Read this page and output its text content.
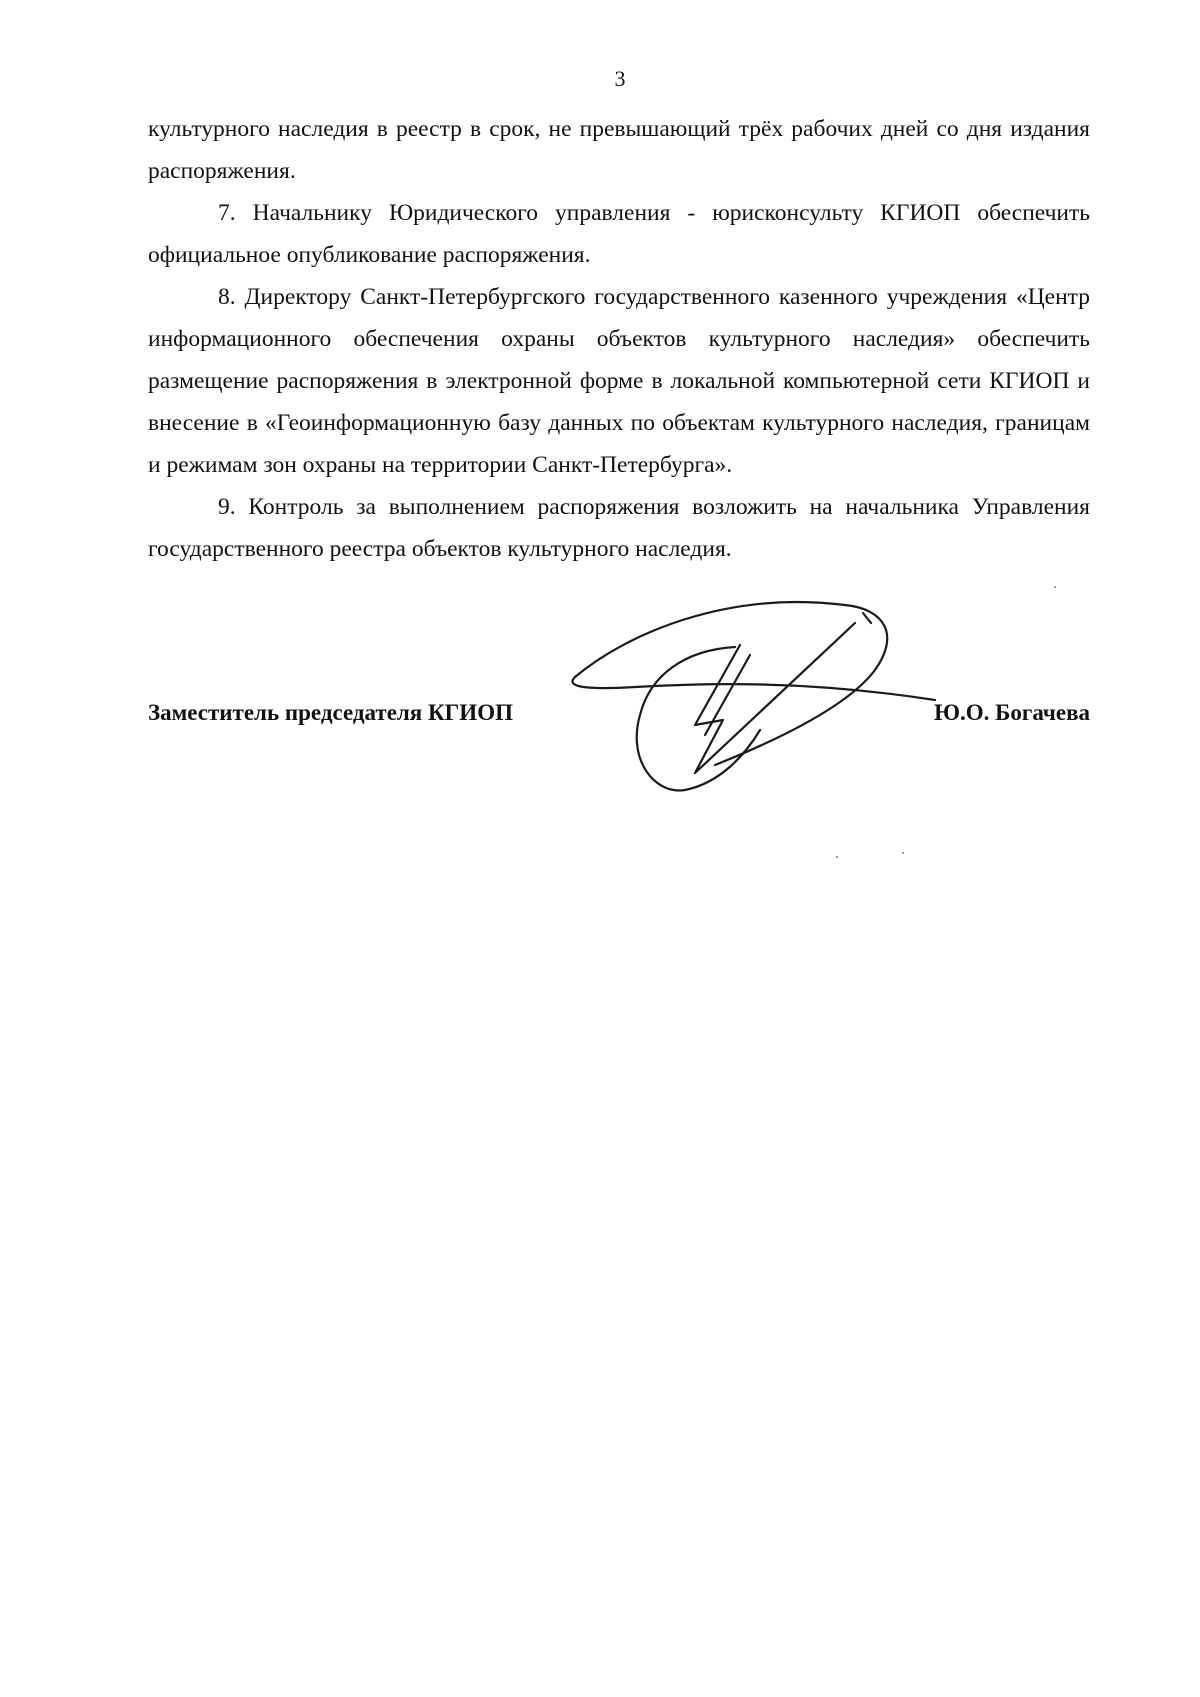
3

культурного наследия в реестр в срок, не превышающий трёх рабочих дней со дня издания распоряжения.

7. Начальнику Юридического управления - юрисконсульту КГИОП обеспечить официальное опубликование распоряжения.

8. Директору Санкт-Петербургского государственного казенного учреждения «Центр информационного обеспечения охраны объектов культурного наследия» обеспечить размещение распоряжения в электронной форме в локальной компьютерной сети КГИОП и внесение в «Геоинформационную базу данных по объектам культурного наследия, границам и режимам зон охраны на территории Санкт-Петербурга».

9. Контроль за выполнением распоряжения возложить на начальника Управления государственного реестра объектов культурного наследия.

Заместитель председателя КГИОП	Ю.О. Богачева
